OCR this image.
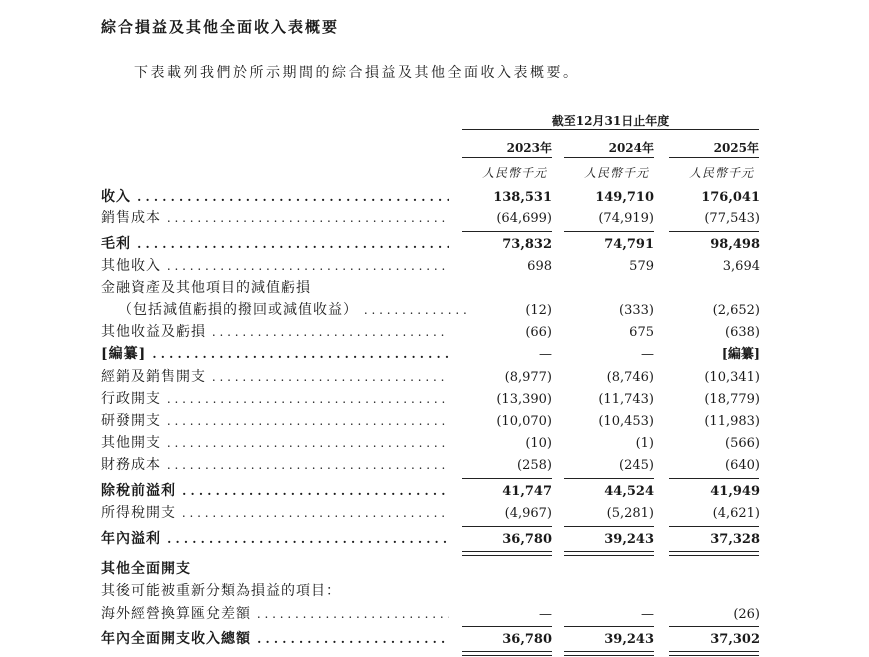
綜合損益及其他全面收入表概要
下表載列我們於所示期間的綜合損益及其他全面收入表概要。
截至12月31日止年度
2023年	2024年	2025年
人民幣千元	人民幣千元	人民幣千元
收入 . . .	138,531	149,710	176,041
銷售成本 . . .	(64,699)	(74,919)	(77,543)
毛利 . . .	73,832	74,791	98,498
其他收入 . . .	698	579	3,694
金融資產及其他項目的減值虧損
（包括減值虧損的撥回或減值收益） . . .	(12)	(333)	(2,652)
其他收益及虧損 . . .	(66)	675	(638)
[編纂] . . .	—	—	[編纂]
經銷及銷售開支 . . .	(8,977)	(8,746)	(10,341)
行政開支 . . .	(13,390)	(11,743)	(18,779)
研發開支 . . .	(10,070)	(10,453)	(11,983)
其他開支 . . .	(10)	(1)	(566)
財務成本 . . .	(258)	(245)	(640)
除稅前溢利 . . .	41,747	44,524	41,949
所得稅開支 . . .	(4,967)	(5,281)	(4,621)
年內溢利 . . .	36,780	39,243	37,328
其他全面開支
其後可能被重新分類為損益的項目：
海外經營換算匯兌差額 . . .	—	—	(26)
年內全面開支收入總額 . . .	36,780	39,243	37,302
